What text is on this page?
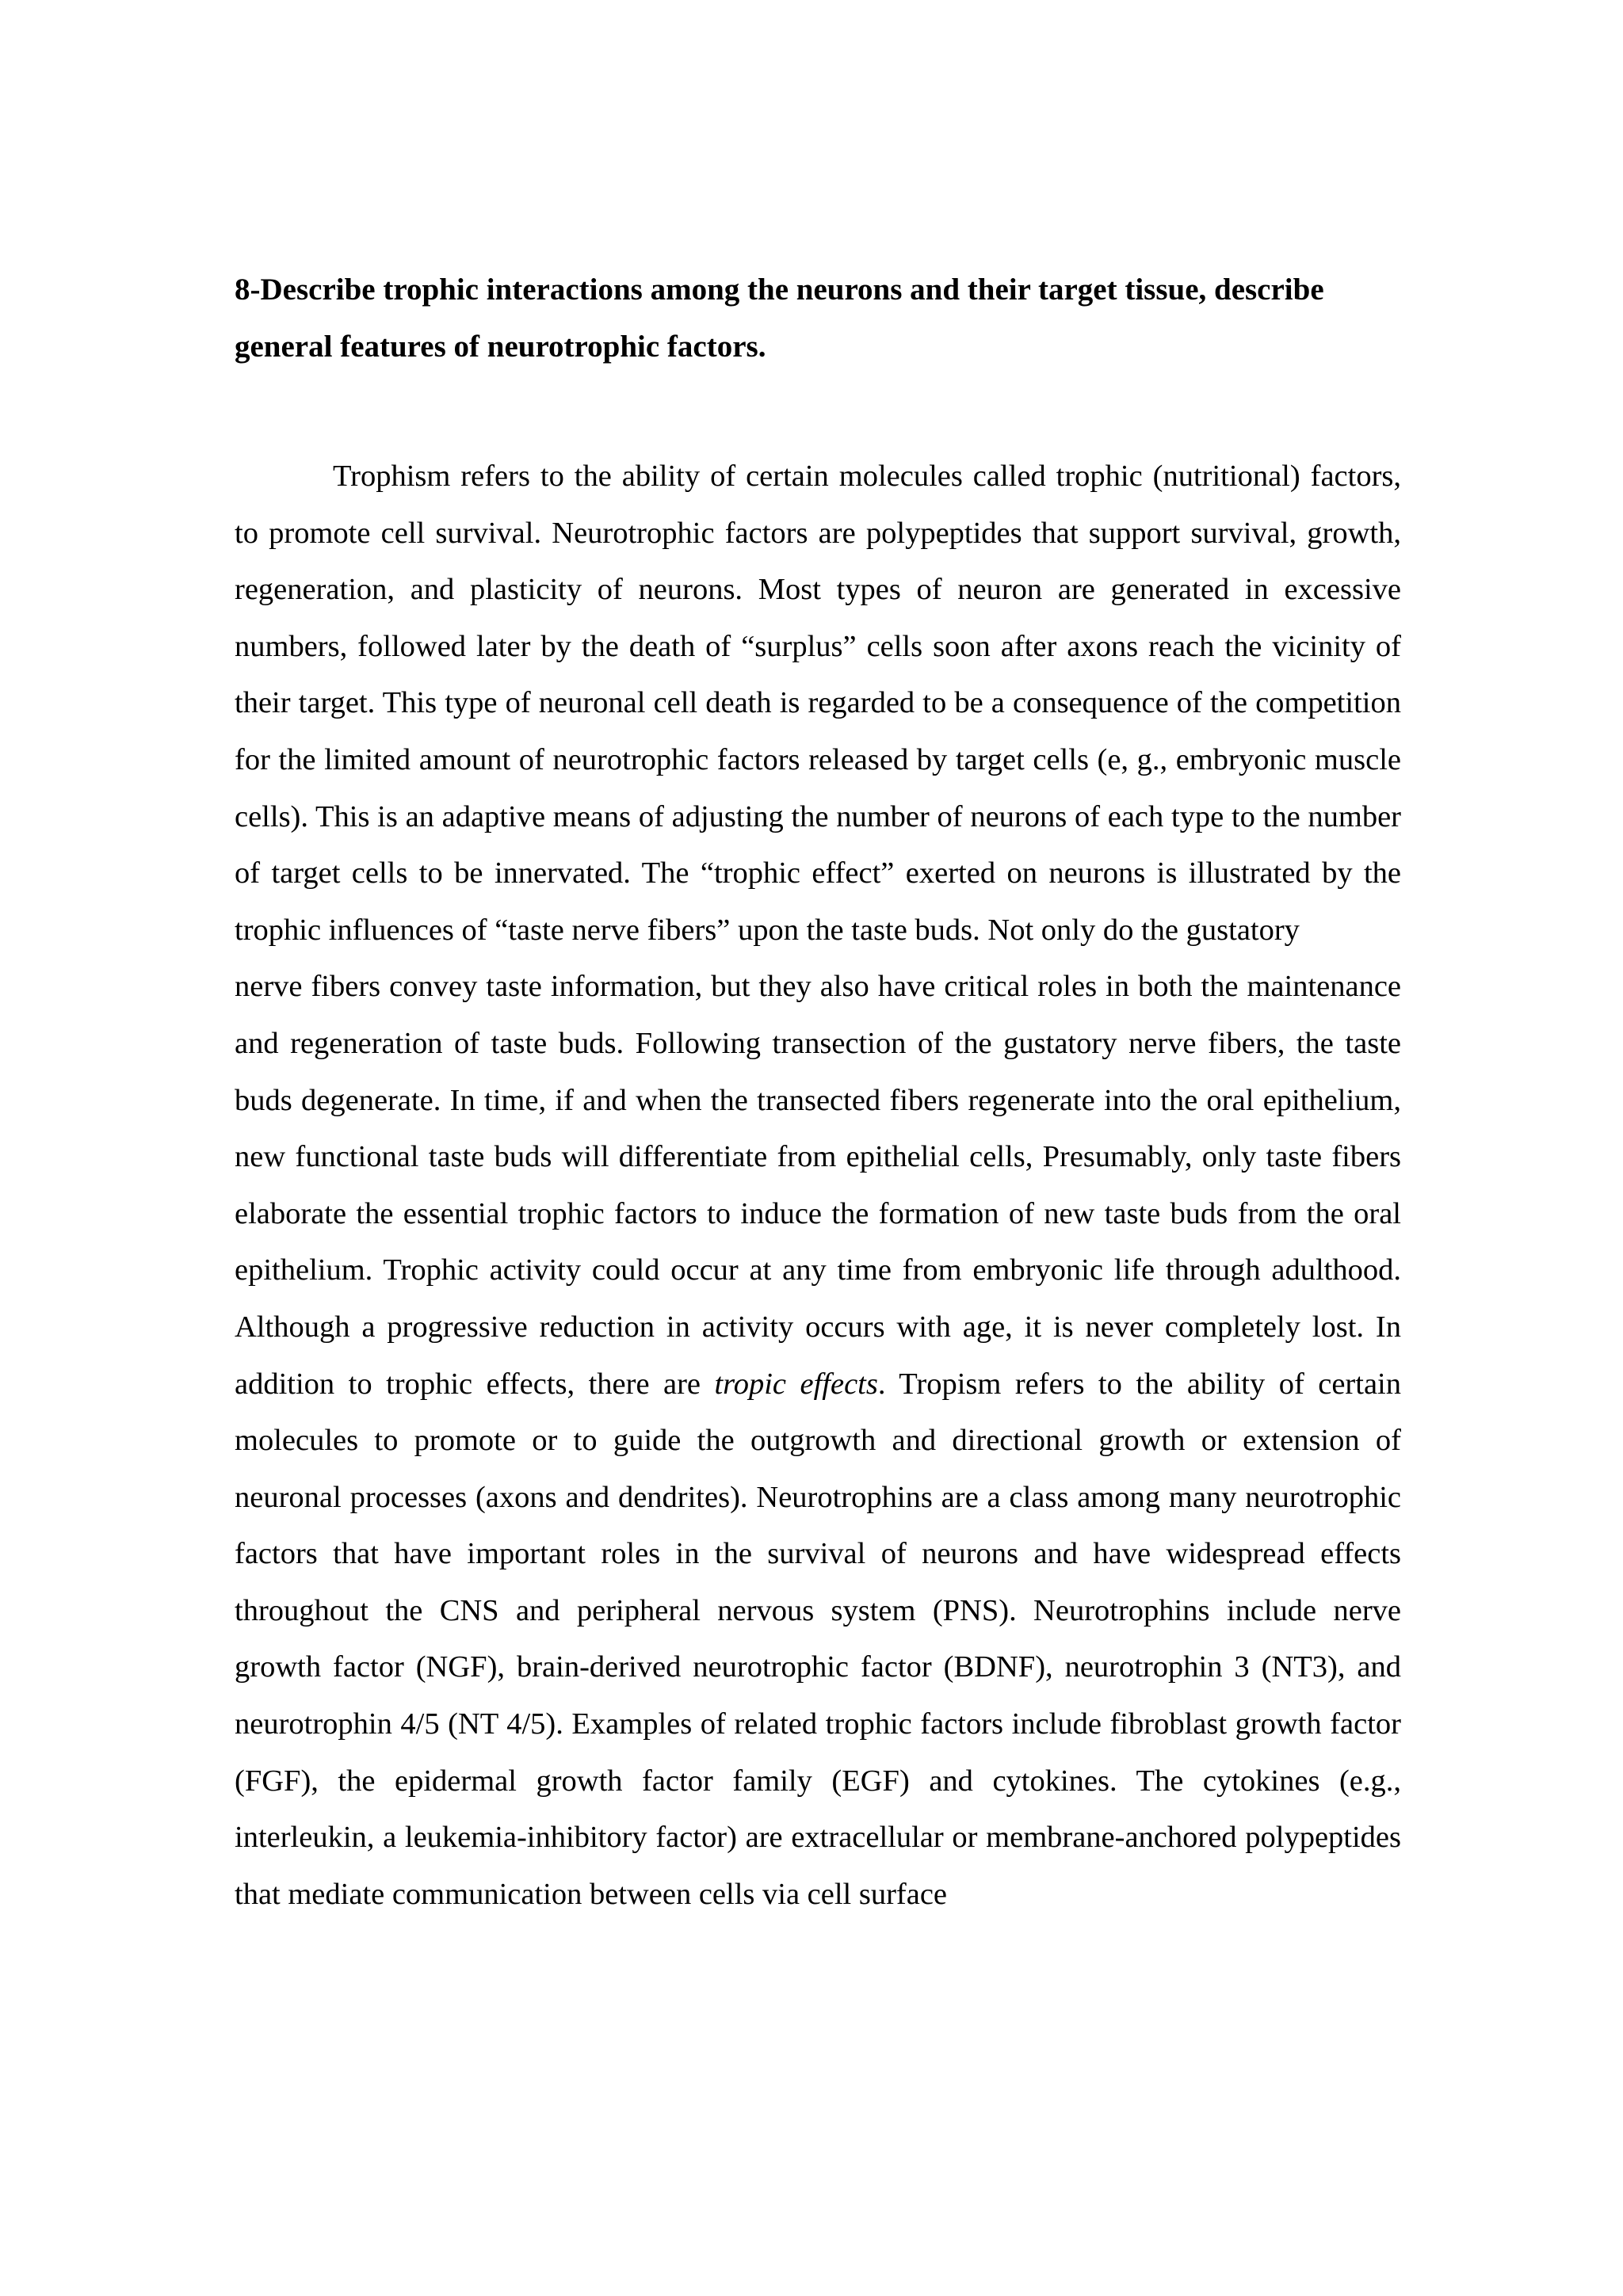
8-Describe trophic interactions among the neurons and their target tissue, describe general features of neurotrophic factors.

Trophism refers to the ability of certain molecules called trophic (nutritional) factors, to promote cell survival. Neurotrophic factors are polypeptides that support survival, growth, regeneration, and plasticity of neurons. Most types of neuron are generated in excessive numbers, followed later by the death of “surplus” cells soon after axons reach the vicinity of their target. This type of neuronal cell death is regarded to be a consequence of the competition for the limited amount of neurotrophic factors released by target cells (e, g., embryonic muscle cells). This is an adaptive means of adjusting the number of neurons of each type to the number of target cells to be innervated. The “trophic effect” exerted on neurons is illustrated by the trophic influences of “taste nerve fibers” upon the taste buds. Not only do the gustatory

nerve fibers convey taste information, but they also have critical roles in both the maintenance and regeneration of taste buds. Following transection of the gustatory nerve fibers, the taste buds degenerate. In time, if and when the transected fibers regenerate into the oral epithelium, new functional taste buds will differentiate from epithelial cells, Presumably, only taste fibers elaborate the essential trophic factors to induce the formation of new taste buds from the oral epithelium. Trophic activity could occur at any time from embryonic life through adulthood. Although a progressive reduction in activity occurs with age, it is never completely lost. In addition to trophic effects, there are tropic effects. Tropism refers to the ability of certain molecules to promote or to guide the outgrowth and directional growth or extension of neuronal processes (axons and dendrites). Neurotrophins are a class among many neurotrophic factors that have important roles in the survival of neurons and have widespread effects throughout the CNS and peripheral nervous system (PNS). Neurotrophins include nerve growth factor (NGF), brain-derived neurotrophic factor (BDNF), neurotrophin 3 (NT3), and neurotrophin 4/5 (NT 4/5). Examples of related trophic factors include fibroblast growth factor (FGF), the epidermal growth factor family (EGF) and cytokines. The cytokines (e.g., interleukin, a leukemia-inhibitory factor) are extracellular or membrane-anchored polypeptides that mediate communication between cells via cell surface
